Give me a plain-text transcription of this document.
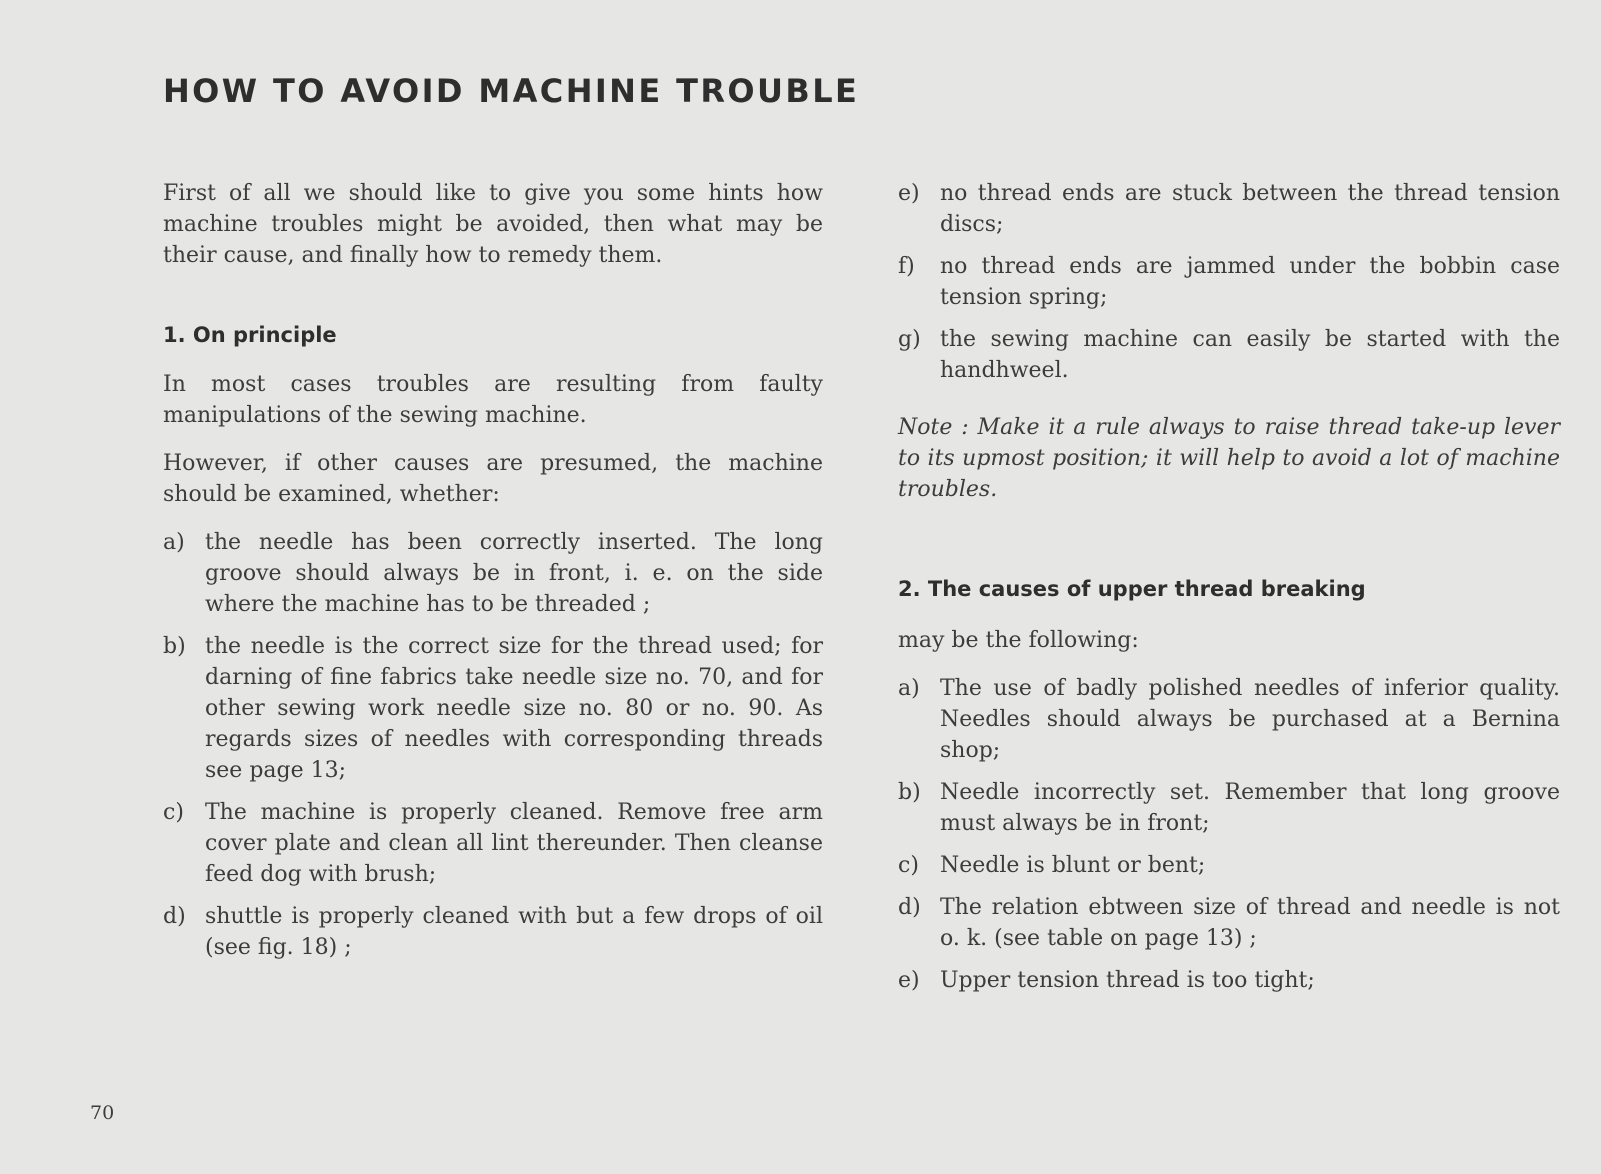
HOW TO AVOID MACHINE TROUBLE

First of all we should like to give you some hints how machine troubles might be avoided, then what may be their cause, and finally how to remedy them.

1. On principle

In most cases troubles are resulting from faulty manipulations of the sewing machine.

However, if other causes are presumed, the machine should be examined, whether:

a) the needle has been correctly inserted. The long groove should always be in front, i. e. on the side where the machine has to be threaded ;
b) the needle is the correct size for the thread used; for darning of fine fabrics take needle size no. 70, and for other sewing work needle size no. 80 or no. 90. As regards sizes of needles with corresponding threads see page 13;
c) The machine is properly cleaned. Remove free arm cover plate and clean all lint thereunder. Then cleanse feed dog with brush;
d) shuttle is properly cleaned with but a few drops of oil (see fig. 18) ;
e) no thread ends are stuck between the thread tension discs;
f)	no thread ends are jammed under the bobbin case tension spring;
g) the sewing machine can easily be started with the handhweel.

Note : Make it a rule always to raise thread take-up lever to its upmost position; it will help to avoid a lot of machine troubles.

2. The causes of upper thread breaking

may be the following:

a) The use of badly polished needles of inferior quality. Needles should always be purchased at a Bernina shop;
b) Needle incorrectly set. Remember that long groove must always be in front;
c) Needle is blunt or bent;
d) The relation ebtween size of thread and needle is not o. k. (see table on page 13) ;
e) Upper tension thread is too tight;
70
